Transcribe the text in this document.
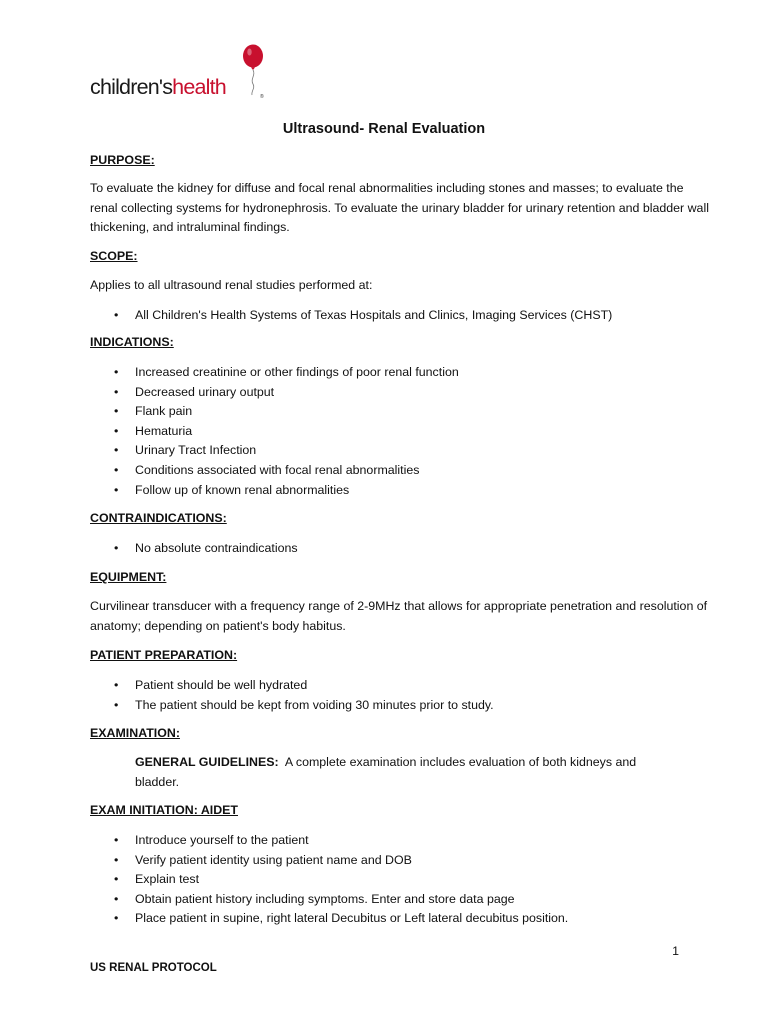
children'shealth	®
Ultrasound- Renal Evaluation
PURPOSE:
To evaluate the kidney for diffuse and focal renal abnormalities including stones and masses; to evaluate the renal collecting systems for hydronephrosis. To evaluate the urinary bladder for urinary retention and bladder wall thickening, and intraluminal findings.
SCOPE:
Applies to all ultrasound renal studies performed at:
• All Children's Health Systems of Texas Hospitals and Clinics, Imaging Services (CHST)
INDICATIONS:
• Increased creatinine or other findings of poor renal function
• Decreased urinary output
• Flank pain
• Hematuria
• Urinary Tract Infection
• Conditions associated with focal renal abnormalities
• Follow up of known renal abnormalities
CONTRAINDICATIONS:
• No absolute contraindications
EQUIPMENT:
Curvilinear transducer with a frequency range of 2-9MHz that allows for appropriate penetration and resolution of anatomy; depending on patient's body habitus.
PATIENT PREPARATION:
• Patient should be well hydrated
• The patient should be kept from voiding 30 minutes prior to study.
EXAMINATION:
GENERAL GUIDELINES: A complete examination includes evaluation of both kidneys and bladder.
EXAM INITIATION: AIDET
• Introduce yourself to the patient
• Verify patient identity using patient name and DOB
• Explain test
• Obtain patient history including symptoms. Enter and store data page
• Place patient in supine, right lateral Decubitus or Left lateral decubitus position.
1
US RENAL PROTOCOL
